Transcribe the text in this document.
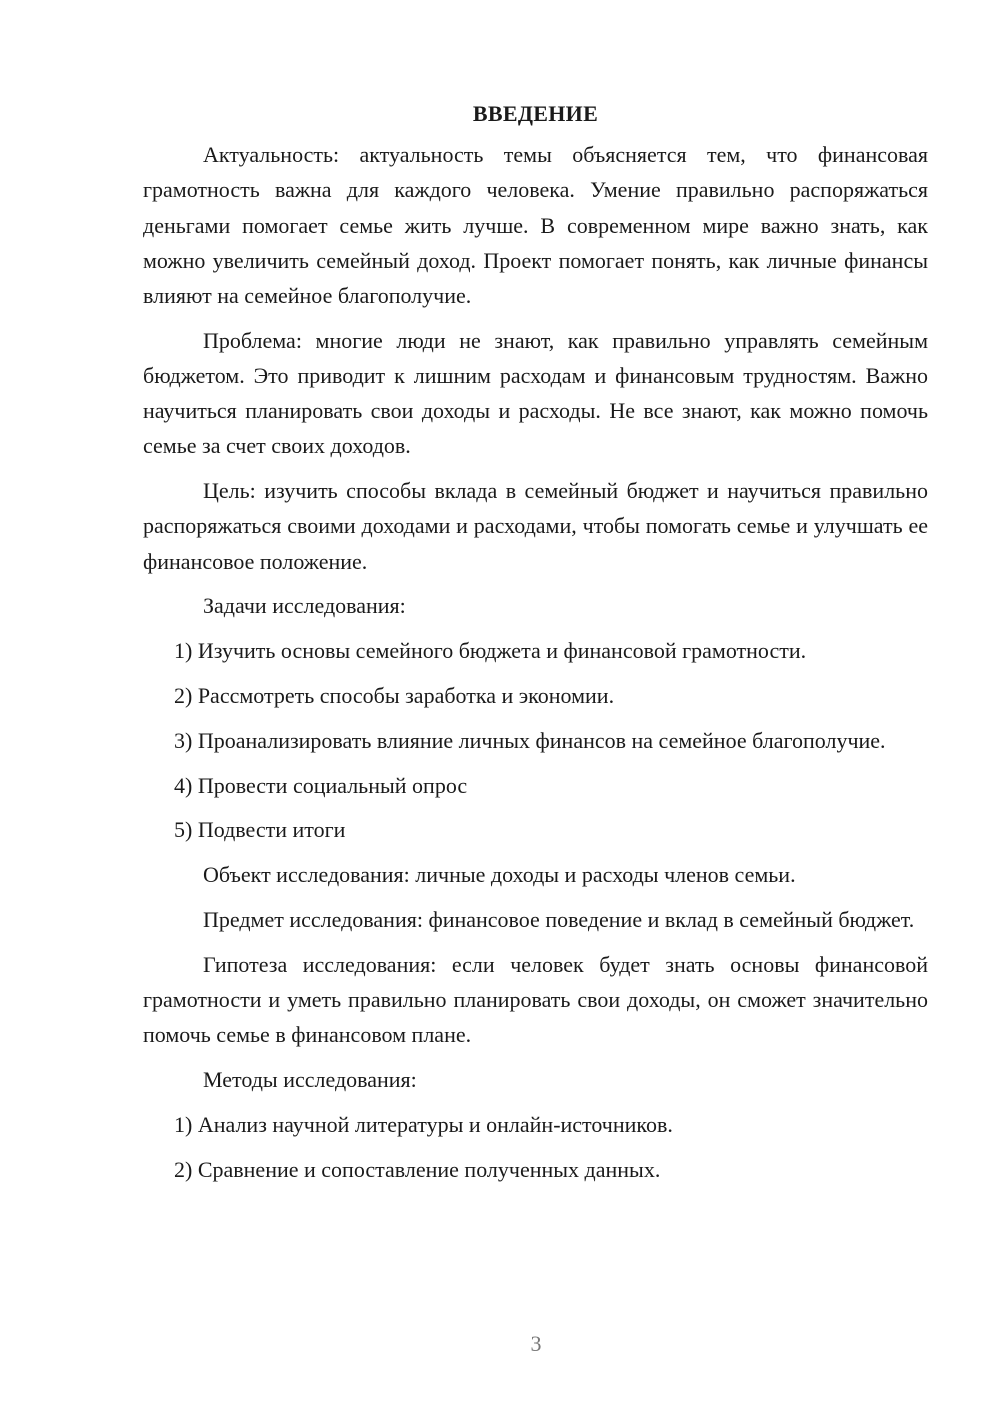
ВВЕДЕНИЕ

Актуальность: актуальность темы объясняется тем, что финансовая грамотность важна для каждого человека. Умение правильно распоряжаться деньгами помогает семье жить лучше. В современном мире важно знать, как можно увеличить семейный доход. Проект помогает понять, как личные финансы влияют на семейное благополучие.

Проблема: многие люди не знают, как правильно управлять семейным бюджетом. Это приводит к лишним расходам и финансовым трудностям. Важно научиться планировать свои доходы и расходы. Не все знают, как можно помочь семье за счет своих доходов.

Цель: изучить способы вклада в семейный бюджет и научиться правильно распоряжаться своими доходами и расходами, чтобы помогать семье и улучшать ее финансовое положение.

Задачи исследования:

1) Изучить основы семейного бюджета и финансовой грамотности.

2) Рассмотреть способы заработка и экономии.

3) Проанализировать влияние личных финансов на семейное благополучие.

4) Провести социальный опрос

5) Подвести итоги

Объект исследования: личные доходы и расходы членов семьи.

Предмет исследования: финансовое поведение и вклад в семейный бюджет.

Гипотеза исследования: если человек будет знать основы финансовой грамотности и уметь правильно планировать свои доходы, он сможет значительно помочь семье в финансовом плане.

Методы исследования:

1) Анализ научной литературы и онлайн-источников.

2) Сравнение и сопоставление полученных данных.

3
